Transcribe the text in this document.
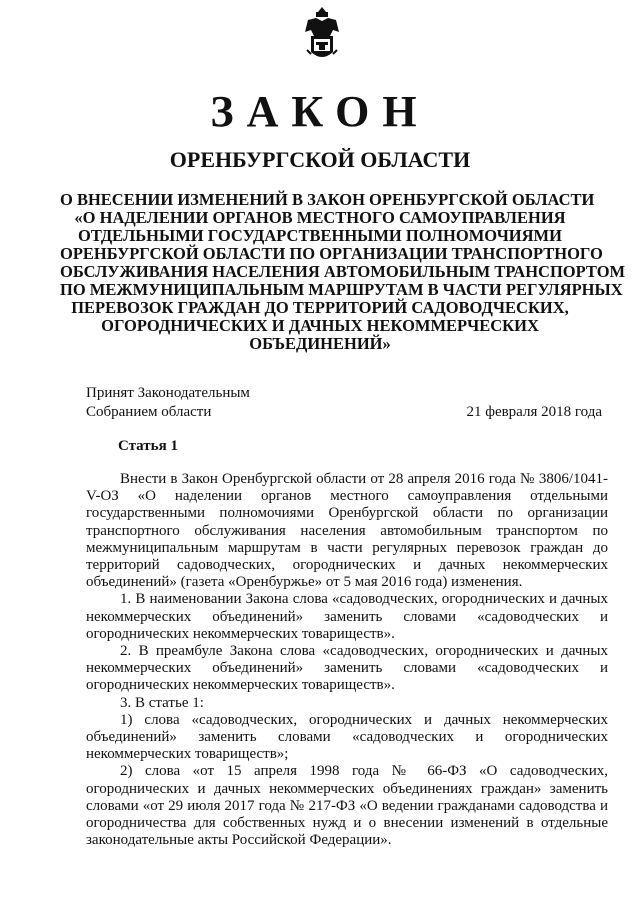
ЗАКОН
ОРЕНБУРГСКОЙ ОБЛАСТИ
О ВНЕСЕНИИ ИЗМЕНЕНИЙ В ЗАКОН ОРЕНБУРГСКОЙ ОБЛАСТИ
«О НАДЕЛЕНИИ ОРГАНОВ МЕСТНОГО САМОУПРАВЛЕНИЯ
ОТДЕЛЬНЫМИ ГОСУДАРСТВЕННЫМИ ПОЛНОМОЧИЯМИ
ОРЕНБУРГСКОЙ ОБЛАСТИ ПО ОРГАНИЗАЦИИ ТРАНСПОРТНОГО
ОБСЛУЖИВАНИЯ НАСЕЛЕНИЯ АВТОМОБИЛЬНЫМ ТРАНСПОРТОМ
ПО МЕЖМУНИЦИПАЛЬНЫМ МАРШРУТАМ В ЧАСТИ РЕГУЛЯРНЫХ
ПЕРЕВОЗОК ГРАЖДАН ДО ТЕРРИТОРИЙ САДОВОДЧЕСКИХ,
ОГОРОДНИЧЕСКИХ И ДАЧНЫХ НЕКОММЕРЧЕСКИХ
ОБЪЕДИНЕНИЙ»
Принят Законодательным
Собранием области	21 февраля 2018 года
Статья 1

Внести в Закон Оренбургской области от 28 апреля 2016 года № 3806/1041-V-ОЗ «О наделении органов местного самоуправления отдельными государственными полномочиями Оренбургской области по организации транспортного обслуживания населения автомобильным транспортом по межмуниципальным маршрутам в части регулярных перевозок граждан до территорий садоводческих, огороднических и дачных некоммерческих объединений» (газета «Оренбуржье» от 5 мая 2016 года) изменения.

1. В наименовании Закона слова «садоводческих, огороднических и дачных некоммерческих объединений» заменить словами «садоводческих и огороднических некоммерческих товариществ».

2. В преамбуле Закона слова «садоводческих, огороднических и дачных некоммерческих объединений» заменить словами «садоводческих и огороднических некоммерческих товариществ».

3. В статье 1:

1) слова «садоводческих, огороднических и дачных некоммерческих объединений» заменить словами «садоводческих и огороднических некоммерческих товариществ»;

2) слова «от 15 апреля 1998 года № 66-ФЗ «О садоводческих, огороднических и дачных некоммерческих объединениях граждан» заменить словами «от 29 июля 2017 года № 217-ФЗ «О ведении гражданами садоводства и огородничества для собственных нужд и о внесении изменений в отдельные законодательные акты Российской Федерации».
